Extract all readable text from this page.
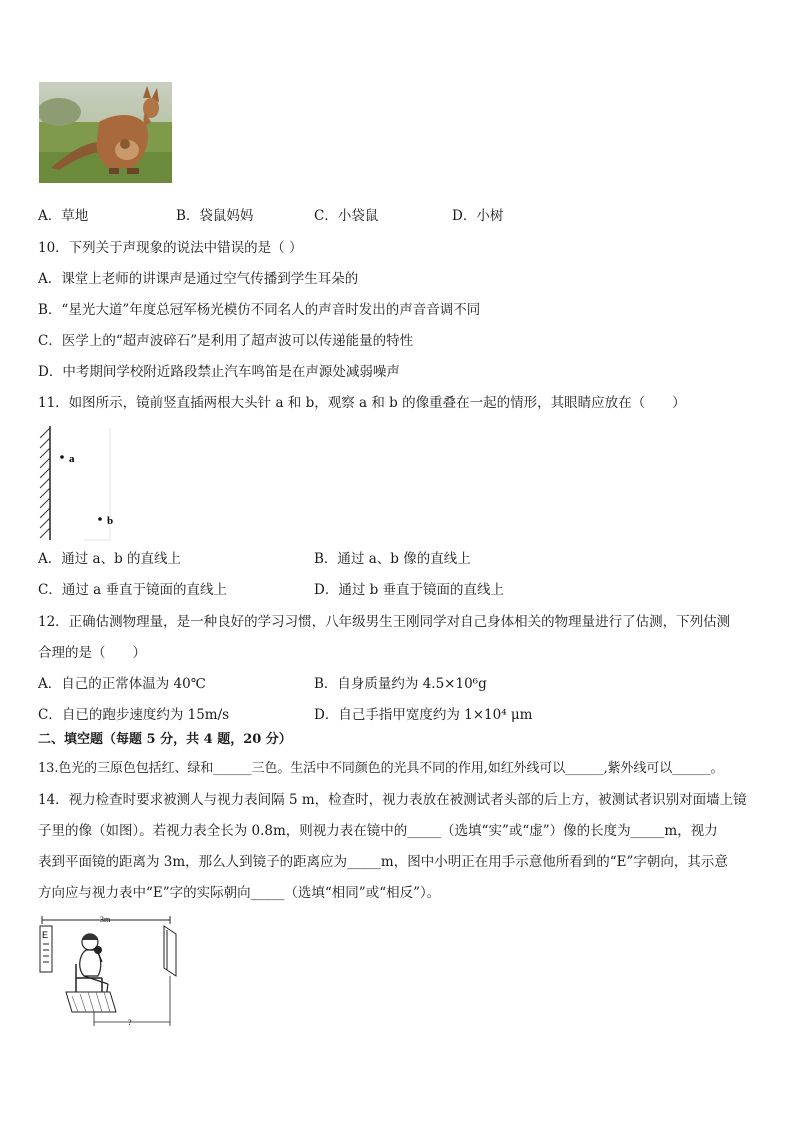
A．草地	B．袋鼠妈妈	C．小袋鼠	D．小树
10．下列关于声现象的说法中错误的是（ ）
A．课堂上老师的讲课声是通过空气传播到学生耳朵的
B．“星光大道”年度总冠军杨光模仿不同名人的声音时发出的声音音调不同
C．医学上的“超声波碎石”是利用了超声波可以传递能量的特性
D．中考期间学校附近路段禁止汽车鸣笛是在声源处减弱噪声
11．如图所示，镜前竖直插两根大头针 a 和 b，观察 a 和 b 的像重叠在一起的情形，其眼睛应放在（　　）
a
b
A．通过 a、b 的直线上	B．通过 a、b 像的直线上
C．通过 a 垂直于镜面的直线上	D．通过 b 垂直于镜面的直线上
12．正确估测物理量，是一种良好的学习习惯，八年级男生王刚同学对自己身体相关的物理量进行了估测，下列估测
合理的是（　　）
A．自己的正常体温为 40℃	B．自身质量约为 4.5×10⁶g
C．自已的跑步速度约为 15m/s	D．自己手指甲宽度约为 1×10⁴ μm
二、填空题（每题 5 分，共 4 题，20 分）
13.色光的三原色包括红、绿和______三色。生活中不同颜色的光具不同的作用,如红外线可以______,紫外线可以______。
14．视力检查时要求被测人与视力表间隔 5 m，检查时，视力表放在被测试者头部的后上方，被测试者识别对面墙上镜
子里的像（如图）。若视力表全长为 0.8m，则视力表在镜中的_____（选填“实”或“虚”）像的长度为_____m，视力
表到平面镜的距离为 3m，那么人到镜子的距离应为_____m，图中小明正在用手示意他所看到的“E”字朝向，其示意
方向应与视力表中“E”字的实际朝向_____（选填“相同”或“相反”）。
3m
E
?
